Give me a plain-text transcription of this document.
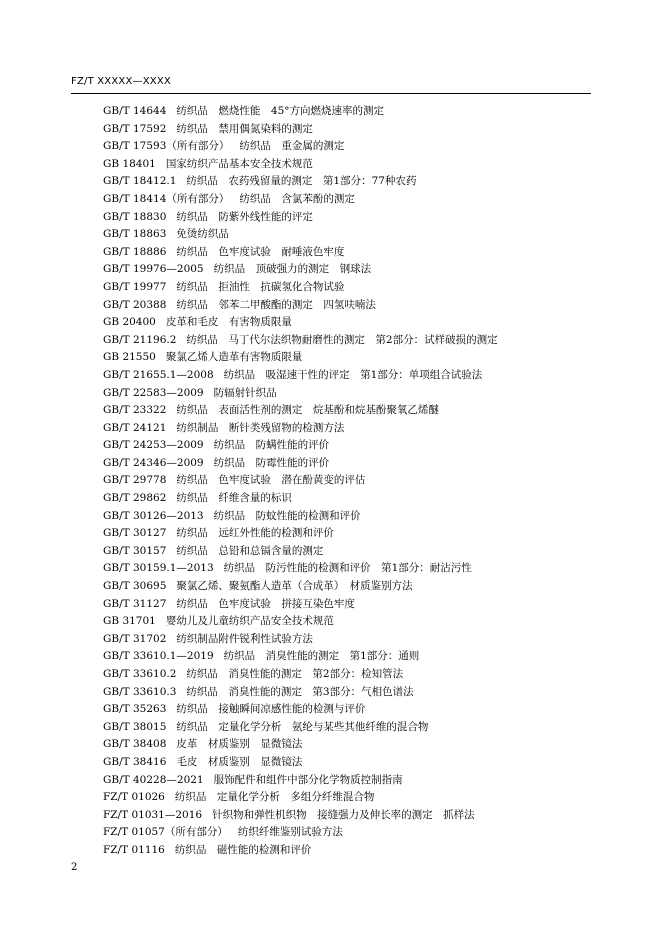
FZ/T XXXXX—XXXX
GB/T 14644 纺织品　燃烧性能　45°方向燃烧速率的测定
GB/T 17592 纺织品　禁用偶氮染料的测定
GB/T 17593（所有部分） 纺织品　重金属的测定
GB 18401 国家纺织产品基本安全技术规范
GB/T 18412.1 纺织品　农药残留量的测定　第1部分：77种农药
GB/T 18414（所有部分） 纺织品　含氯苯酚的测定
GB/T 18830 纺织品　防紫外线性能的评定
GB/T 18863 免烫纺织品
GB/T 18886 纺织品　色牢度试验　耐唾液色牢度
GB/T 19976—2005 纺织品　顶破强力的测定　钢球法
GB/T 19977 纺织品　拒油性　抗碳氢化合物试验
GB/T 20388 纺织品　邻苯二甲酸酯的测定　四氢呋喃法
GB 20400 皮革和毛皮　有害物质限量
GB/T 21196.2 纺织品　马丁代尔法织物耐磨性的测定　第2部分：试样破损的测定
GB 21550 聚氯乙烯人造革有害物质限量
GB/T 21655.1—2008 纺织品　吸湿速干性的评定　第1部分：单项组合试验法
GB/T 22583—2009 防辐射针织品
GB/T 23322 纺织品　表面活性剂的测定　烷基酚和烷基酚聚氧乙烯醚
GB/T 24121 纺织制品　断针类残留物的检测方法
GB/T 24253—2009 纺织品　防螨性能的评价
GB/T 24346—2009 纺织品　防霉性能的评价
GB/T 29778 纺织品　色牢度试验　潜在酚黄变的评估
GB/T 29862 纺织品　纤维含量的标识
GB/T 30126—2013 纺织品　防蚊性能的检测和评价
GB/T 30127 纺织品　远红外性能的检测和评价
GB/T 30157 纺织品　总铅和总镉含量的测定
GB/T 30159.1—2013 纺织品　防污性能的检测和评价　第1部分：耐沾污性
GB/T 30695 聚氯乙烯、聚氨酯人造革（合成革）　材质鉴别方法
GB/T 31127 纺织品　色牢度试验　拼接互染色牢度
GB 31701 婴幼儿及儿童纺织产品安全技术规范
GB/T 31702 纺织制品附件锐利性试验方法
GB/T 33610.1—2019 纺织品　消臭性能的测定　第1部分：通则
GB/T 33610.2 纺织品　消臭性能的测定　第2部分：检知管法
GB/T 33610.3 纺织品　消臭性能的测定　第3部分：气相色谱法
GB/T 35263 纺织品　接触瞬间凉感性能的检测与评价
GB/T 38015 纺织品　定量化学分析　氨纶与某些其他纤维的混合物
GB/T 38408 皮革　材质鉴别　显微镜法
GB/T 38416 毛皮　材质鉴别　显微镜法
GB/T 40228—2021 服饰配件和组件中部分化学物质控制指南
FZ/T 01026 纺织品　定量化学分析　多组分纤维混合物
FZ/T 01031—2016 针织物和弹性机织物　接缝强力及伸长率的测定　抓样法
FZ/T 01057（所有部分） 纺织纤维鉴别试验方法
FZ/T 01116 纺织品　磁性能的检测和评价
2
